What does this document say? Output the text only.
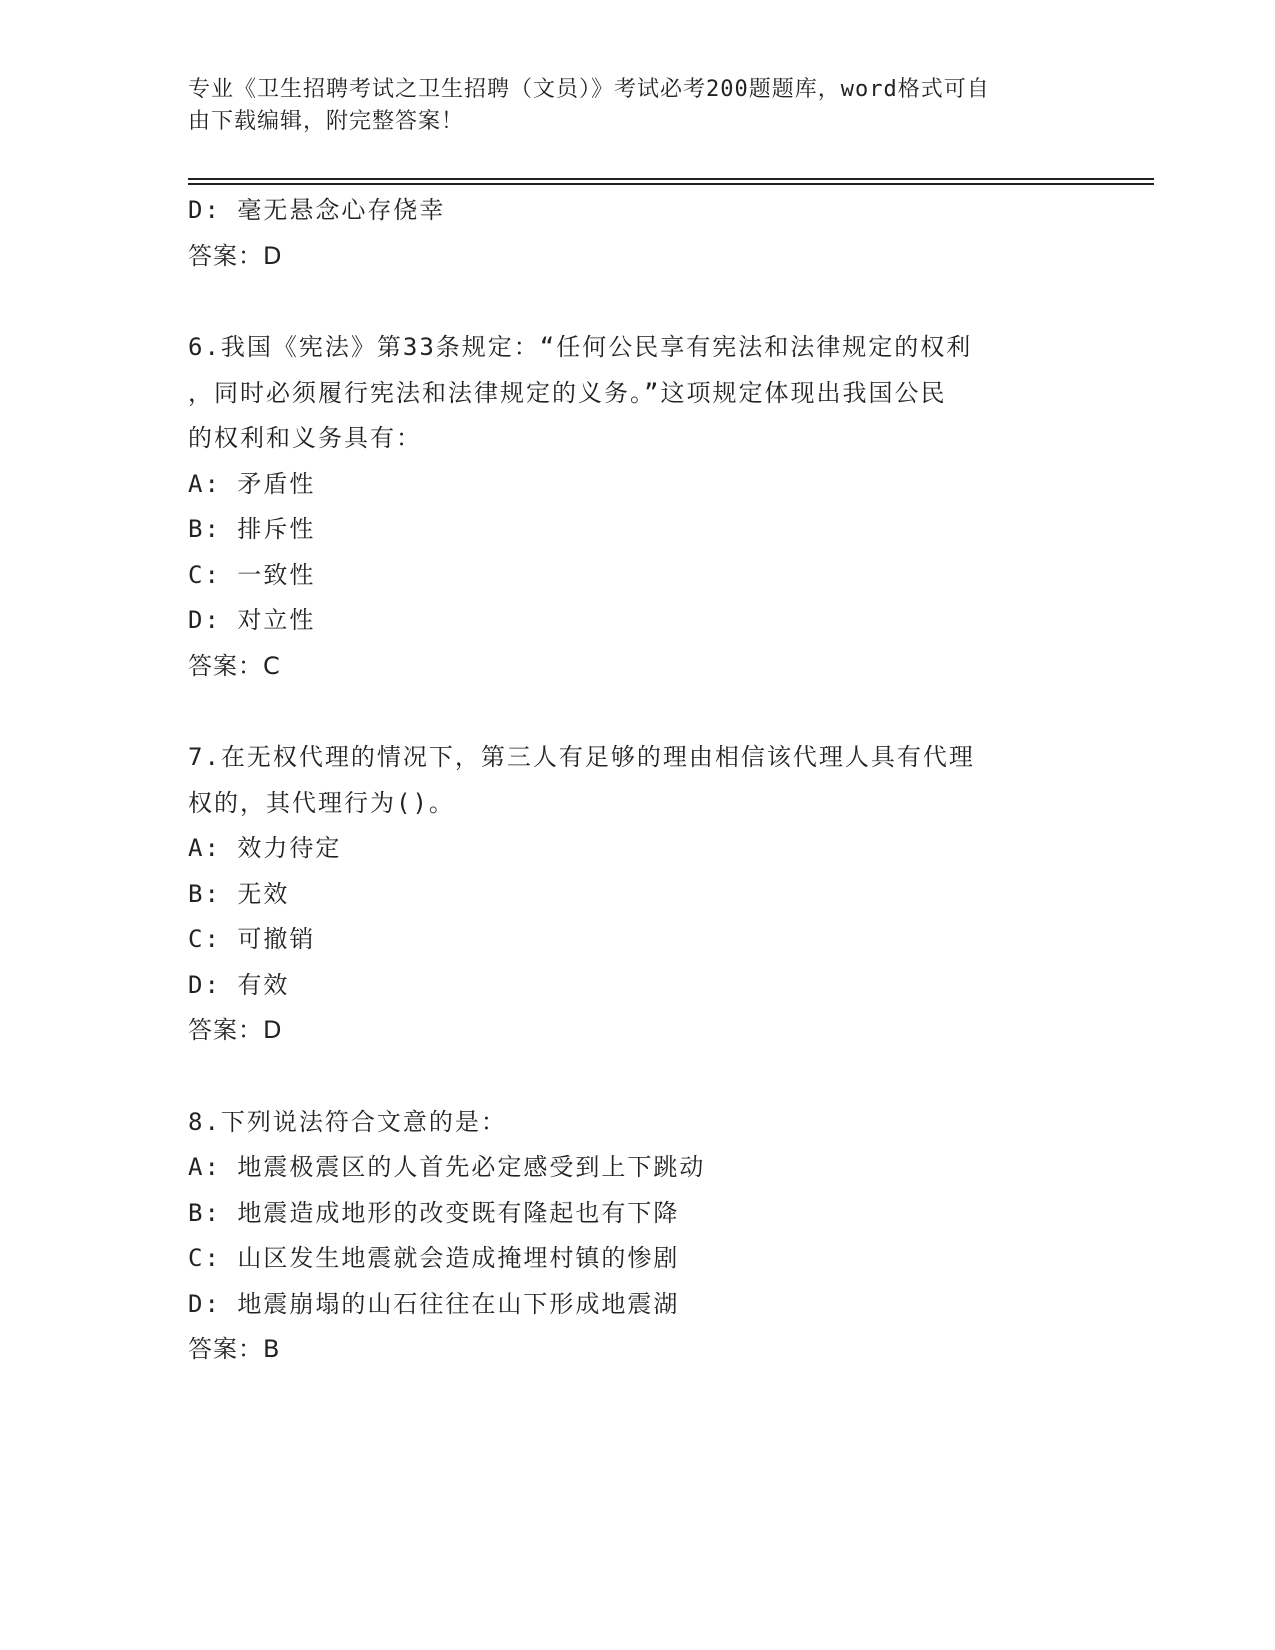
专业《卫生招聘考试之卫生招聘（文员）》考试必考200题题库，word格式可自
由下载编辑，附完整答案！
D: 毫无悬念心存侥幸
答案：D
6.我国《宪法》第33条规定：“任何公民享有宪法和法律规定的权利
，同时必须履行宪法和法律规定的义务。”这项规定体现出我国公民
的权利和义务具有：
A: 矛盾性
B: 排斥性
C: 一致性
D: 对立性
答案：C
7.在无权代理的情况下，第三人有足够的理由相信该代理人具有代理
权的，其代理行为()。
A: 效力待定
B: 无效
C: 可撤销
D: 有效
答案：D
8.下列说法符合文意的是：
A: 地震极震区的人首先必定感受到上下跳动
B: 地震造成地形的改变既有隆起也有下降
C: 山区发生地震就会造成掩埋村镇的惨剧
D: 地震崩塌的山石往往在山下形成地震湖
答案：B
